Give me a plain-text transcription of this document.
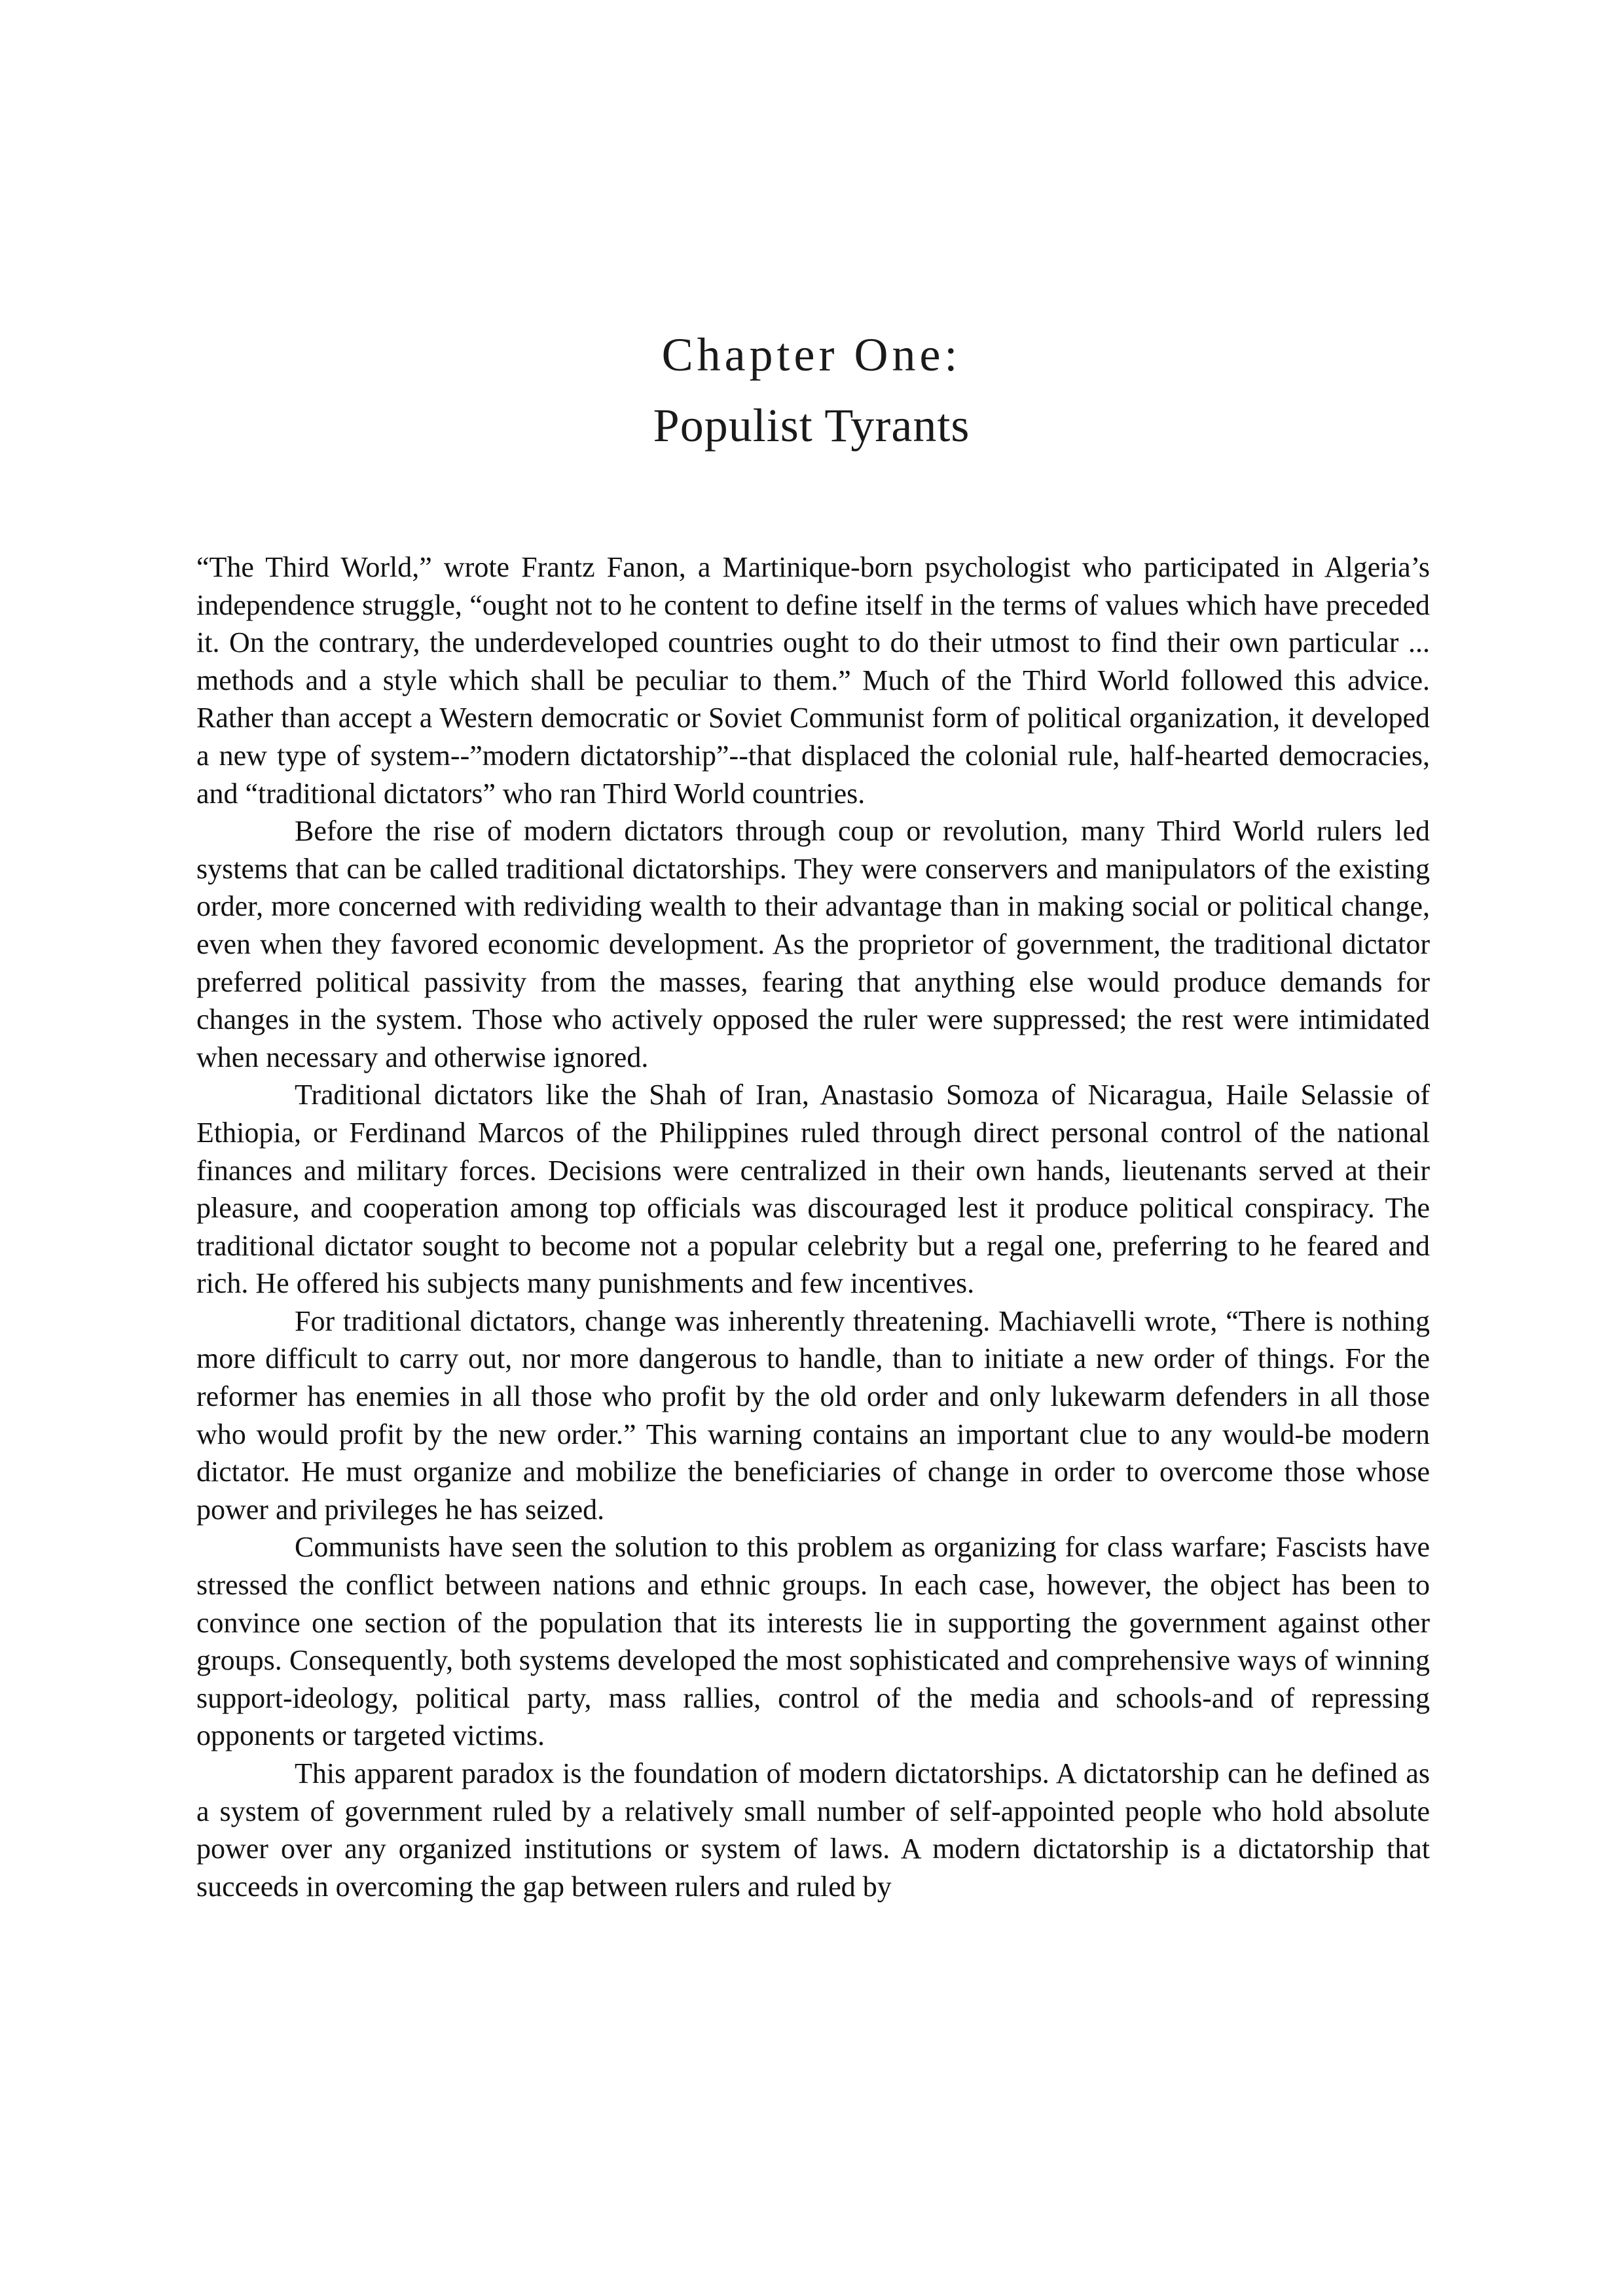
Chapter One:
Populist Tyrants

“The Third World,” wrote Frantz Fanon, a Martinique-born psychologist who participated in Algeria’s independence struggle, “ought not to he content to define itself in the terms of values which have preceded it. On the contrary, the underdeveloped countries ought to do their utmost to find their own particular ... methods and a style which shall be peculiar to them.” Much of the Third World followed this advice. Rather than accept a Western democratic or Soviet Communist form of political organization, it developed a new type of system--”modern dictatorship”--that displaced the colonial rule, half-hearted democracies, and “traditional dictators” who ran Third World countries.

Before the rise of modern dictators through coup or revolution, many Third World rulers led systems that can be called traditional dictatorships. They were conservers and manipulators of the existing order, more concerned with redividing wealth to their advantage than in making social or political change, even when they favored economic development. As the proprietor of government, the traditional dictator preferred political passivity from the masses, fearing that anything else would produce demands for changes in the system. Those who actively opposed the ruler were suppressed; the rest were intimidated when necessary and otherwise ignored.

Traditional dictators like the Shah of Iran, Anastasio Somoza of Nicaragua, Haile Selassie of Ethiopia, or Ferdinand Marcos of the Philippines ruled through direct personal control of the national finances and military forces. Decisions were centralized in their own hands, lieutenants served at their pleasure, and cooperation among top officials was discouraged lest it produce political conspiracy. The traditional dictator sought to become not a popular celebrity but a regal one, preferring to he feared and rich. He offered his subjects many punishments and few incentives.

For traditional dictators, change was inherently threatening. Machiavelli wrote, “There is nothing more difficult to carry out, nor more dangerous to handle, than to initiate a new order of things. For the reformer has enemies in all those who profit by the old order and only lukewarm defenders in all those who would profit by the new order.” This warning contains an important clue to any would-be modern dictator. He must organize and mobilize the beneficiaries of change in order to overcome those whose power and privileges he has seized.

Communists have seen the solution to this problem as organizing for class warfare; Fascists have stressed the conflict between nations and ethnic groups. In each case, however, the object has been to convince one section of the population that its interests lie in supporting the government against other groups. Consequently, both systems developed the most sophisticated and comprehensive ways of winning support-ideology, political party, mass rallies, control of the media and schools-and of repressing opponents or targeted victims.

This apparent paradox is the foundation of modern dictatorships. A dictatorship can he defined as a system of government ruled by a relatively small number of self-appointed people who hold absolute power over any organized institutions or system of laws. A modern dictatorship is a dictatorship that succeeds in overcoming the gap between rulers and ruled by
